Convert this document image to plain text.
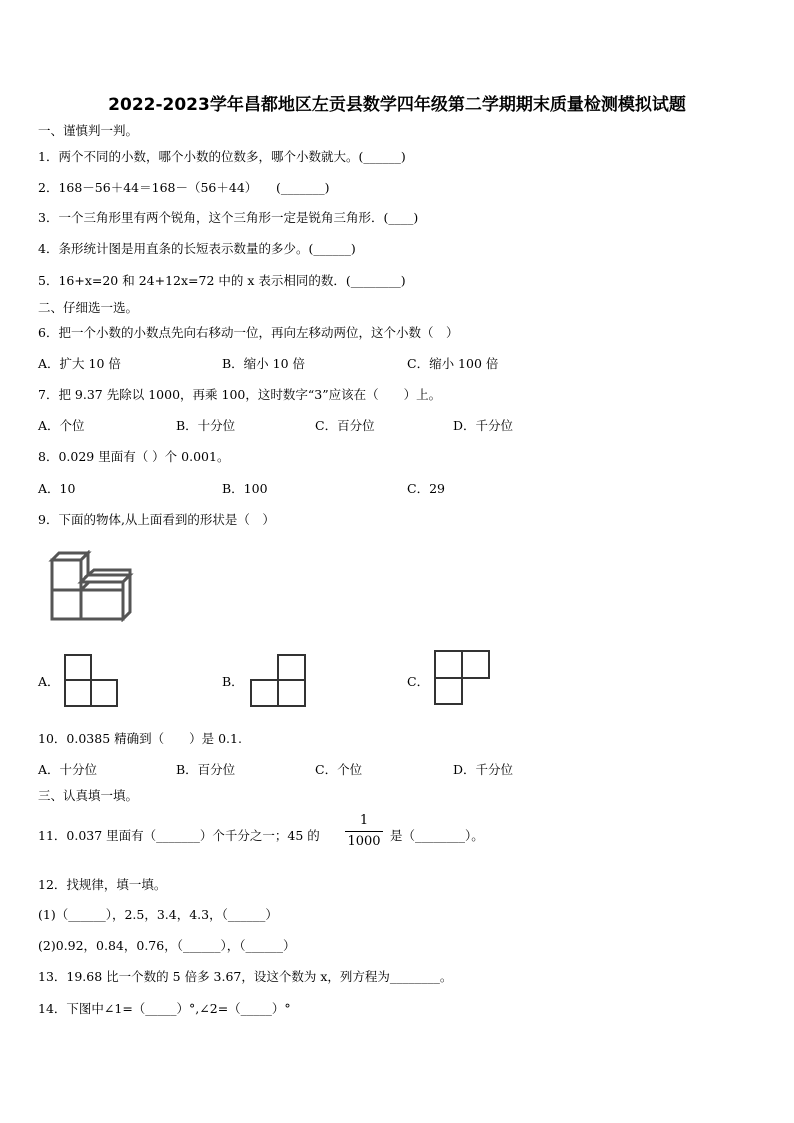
2022-2023学年昌都地区左贡县数学四年级第二学期期末质量检测模拟试题
一、谨慎判一判。
1．两个不同的小数，哪个小数的位数多，哪个小数就大。(______)
2．168－56＋44＝168－（56＋44）　　(_______)
3．一个三角形里有两个锐角，这个三角形一定是锐角三角形．(____)
4．条形统计图是用直条的长短表示数量的多少。(______)
5．16+x=20 和 24+12x=72 中的 x 表示相同的数．(________)
二、仔细选一选。
6．把一个小数的小数点先向右移动一位，再向左移动两位，这个小数（　）
A．扩大 10 倍	B．缩小 10 倍	C．缩小 100 倍
7．把 9.37 先除以 1000，再乘 100，这时数字“3”应该在（　　）上。
A．个位	B．十分位	C．百分位	D．千分位
8．0.029 里面有（ ）个 0.001。
A．10	B．100	C．29
9．下面的物体,从上面看到的形状是（　）
A．	B．	C．
10．0.0385 精确到（　　）是 0.1.
A．十分位	B．百分位	C．个位	D．千分位
三、认真填一填。
11．0.037 里面有（_______）个千分之一；45 的
1
1000 是（________）。
12．找规律，填一填。
(1)（______），2.5，3.4，4.3，（______）
(2)0.92，0.84，0.76，（______），（______）
13．19.68 比一个数的 5 倍多 3.67，设这个数为 x，列方程为________。
14．下图中∠1=（_____）°,∠2=（_____）°
